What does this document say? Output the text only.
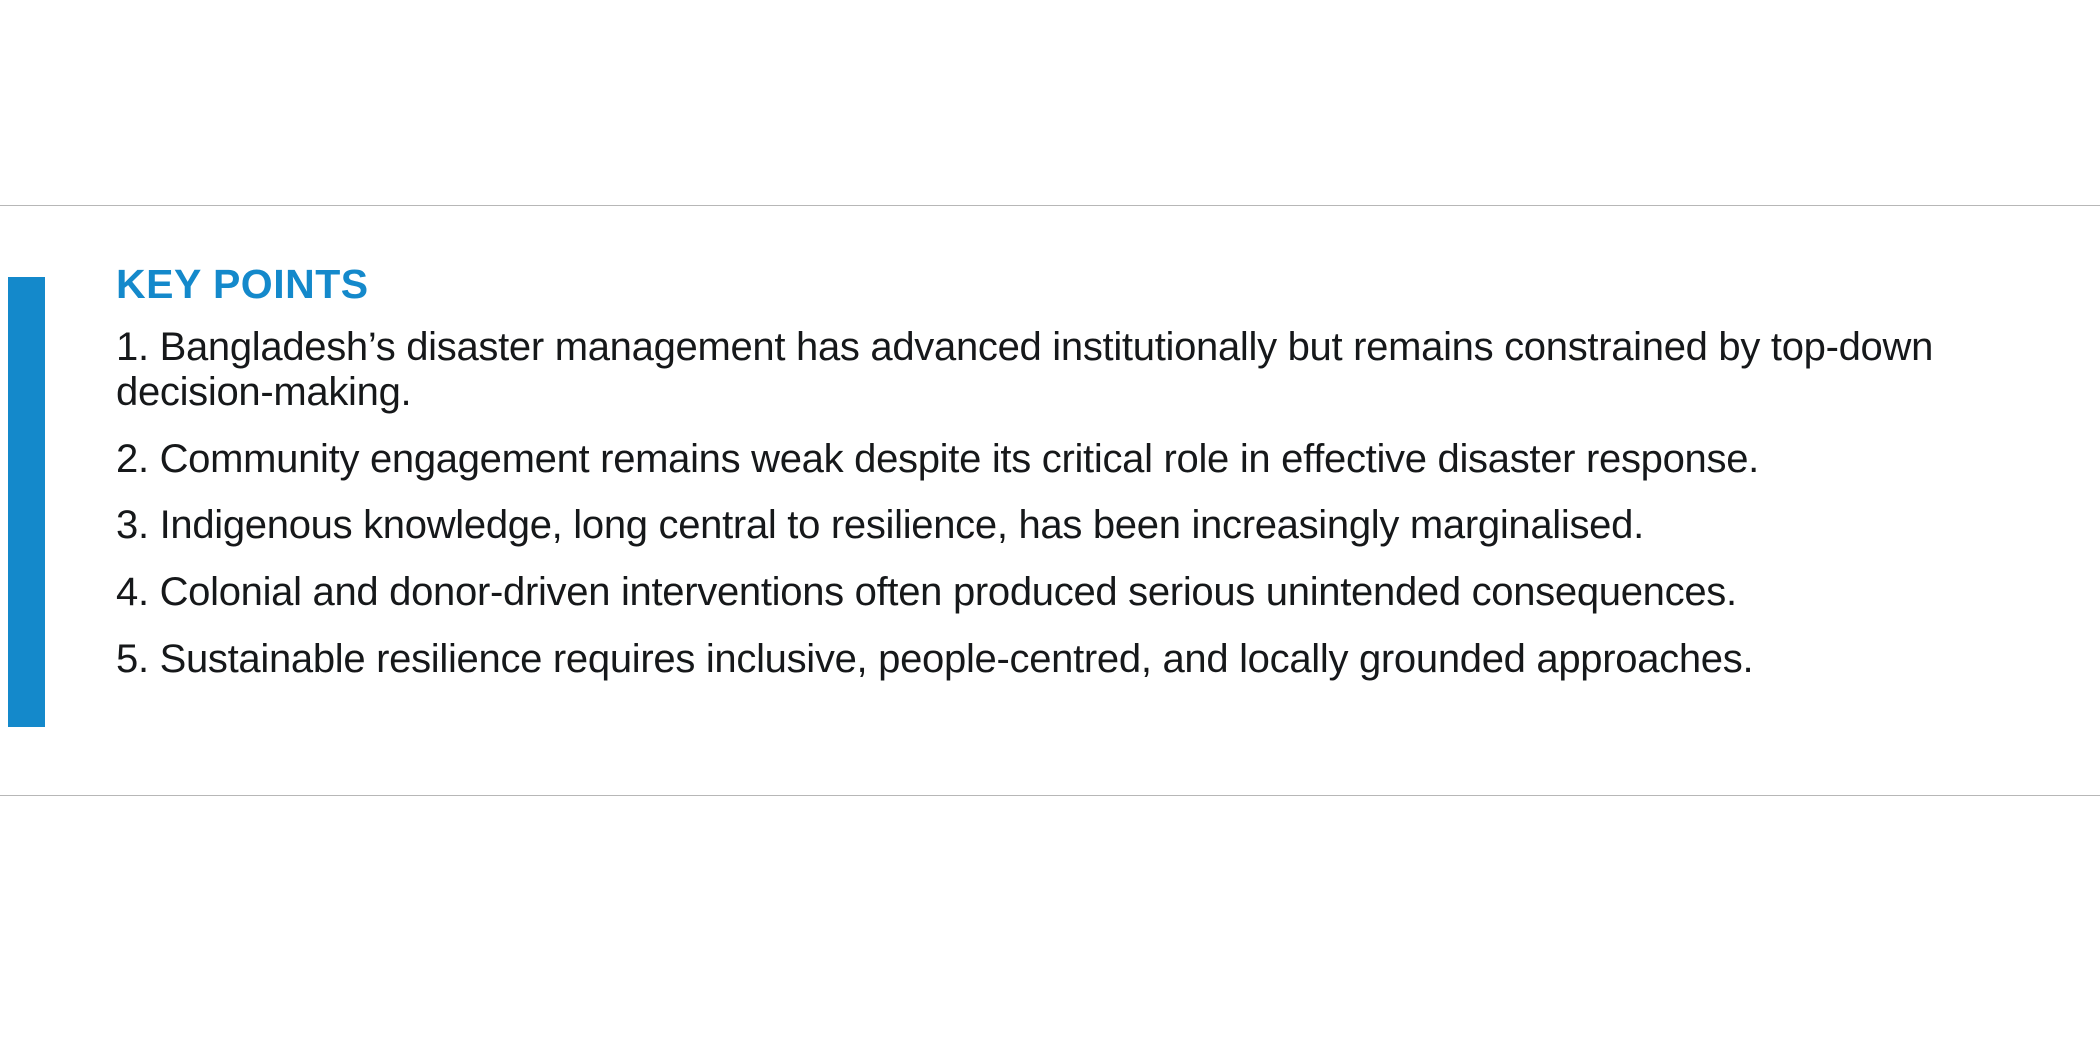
KEY POINTS
1. Bangladesh’s disaster management has advanced institutionally but remains constrained by top-down decision-making.
2. Community engagement remains weak despite its critical role in effective disaster response.
3. Indigenous knowledge, long central to resilience, has been increasingly marginalised.
4. Colonial and donor-driven interventions often produced serious unintended consequences.
5. Sustainable resilience requires inclusive, people-centred, and locally grounded approaches.
